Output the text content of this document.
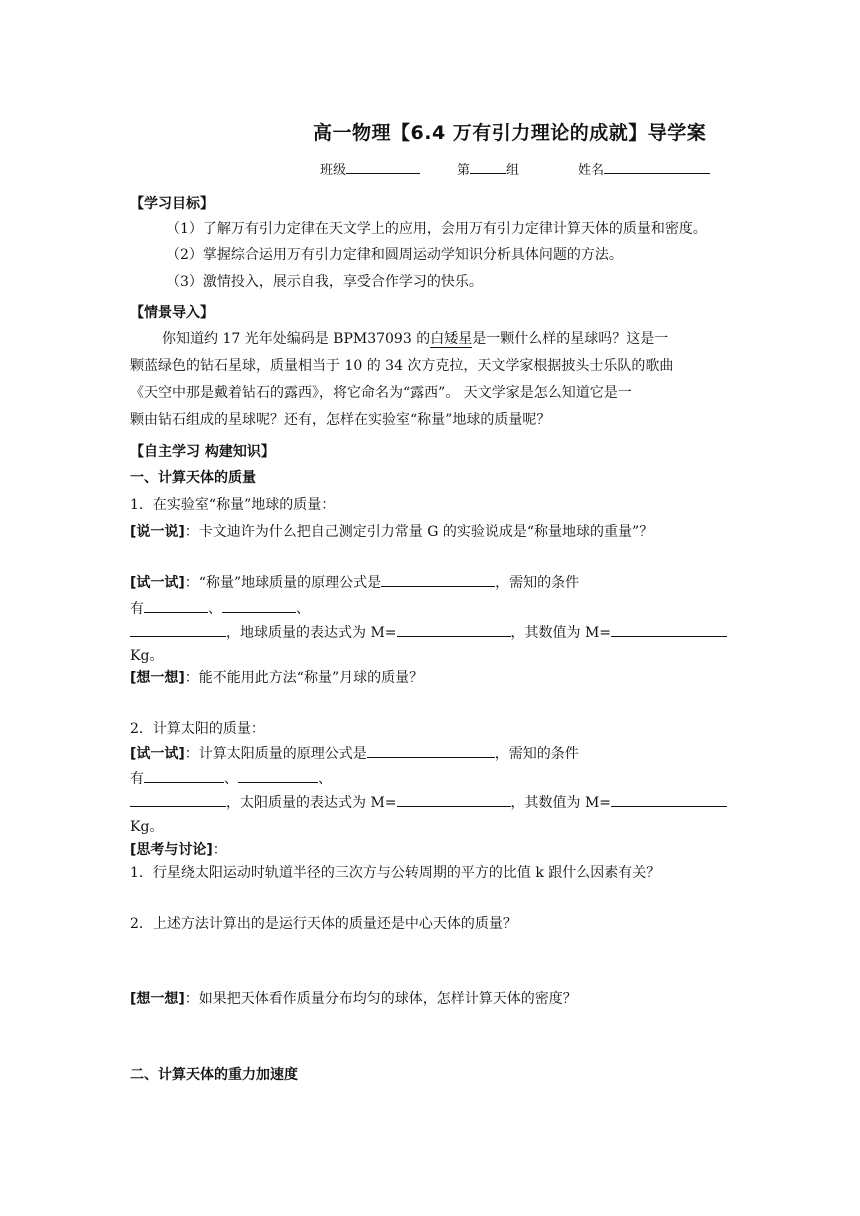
高一物理【6.4 万有引力理论的成就】导学案
班级	第	组	姓名
【学习目标】
（1）了解万有引力定律在天文学上的应用，会用万有引力定律计算天体的质量和密度。
（2）掌握综合运用万有引力定律和圆周运动学知识分析具体问题的方法。
（3）激情投入，展示自我，享受合作学习的快乐。
【情景导入】
你知道约 17 光年处编码是 BPM37093 的白矮星是一颗什么样的星球吗？这是一
颗蓝绿色的钻石星球，质量相当于 10 的 34 次方克拉，天文学家根据披头士乐队的歌曲
《天空中那是戴着钻石的露西》，将它命名为“露西”。 天文学家是怎么知道它是一
颗由钻石组成的星球呢？还有，怎样在实验室“称量”地球的质量呢？
【自主学习 构建知识】
一、计算天体的质量
1．在实验室“称量”地球的质量：
[说一说]：卡文迪许为什么把自己测定引力常量 G 的实验说成是“称量地球的重量”？
[试一试]：“称量”地球质量的原理公式是	，需知的条件
有	、	、
，地球质量的表达式为 M=	，其数值为 M=
Kg。
[想一想]：能不能用此方法“称量”月球的质量？
2．计算太阳的质量：
[试一试]：计算太阳质量的原理公式是	，需知的条件
有	、	、
，太阳质量的表达式为 M=	，其数值为 M=
Kg。
[思考与讨论]：
1．行星绕太阳运动时轨道半径的三次方与公转周期的平方的比值 k 跟什么因素有关？
2．上述方法计算出的是运行天体的质量还是中心天体的质量？
[想一想]：如果把天体看作质量分布均匀的球体，怎样计算天体的密度？
二、计算天体的重力加速度
